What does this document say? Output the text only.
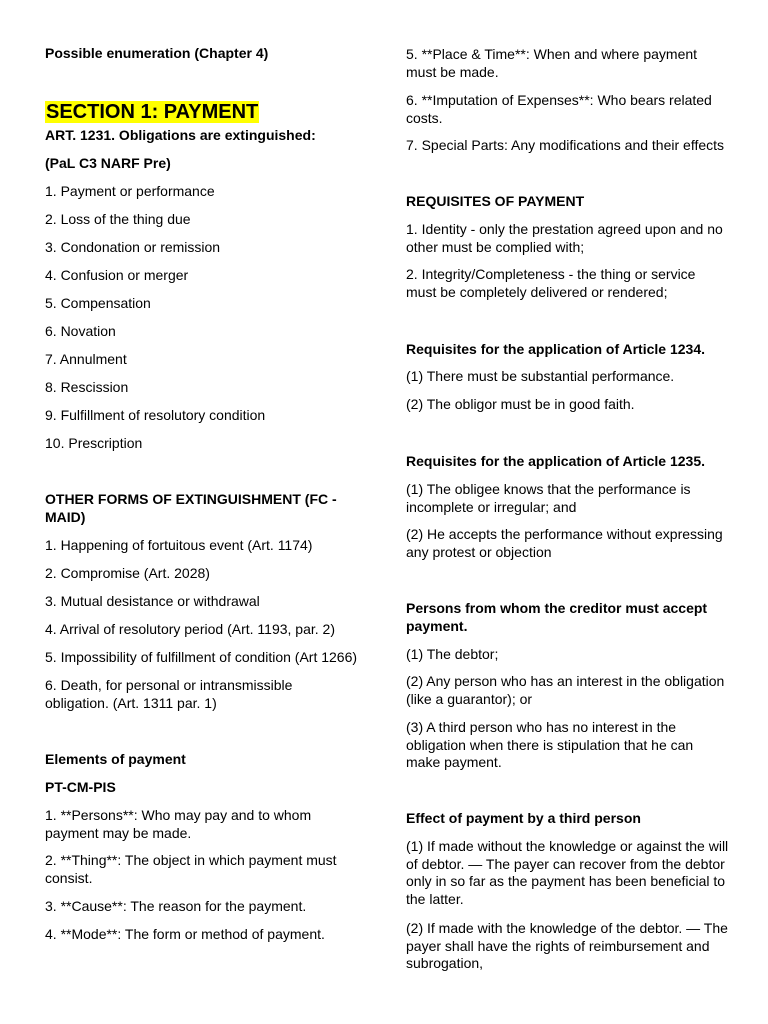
Possible enumeration (Chapter 4)

SECTION 1: PAYMENT

ART. 1231. Obligations are extinguished:

(PaL C3 NARF Pre)

1. Payment or performance

2. Loss of the thing due

3. Condonation or remission

4. Confusion or merger

5. Compensation

6. Novation

7. Annulment

8. Rescission

9. Fulfillment of resolutory condition

10. Prescription

OTHER FORMS OF EXTINGUISHMENT (FC - MAID)

1. Happening of fortuitous event (Art. 1174)

2. Compromise (Art. 2028)

3. Mutual desistance or withdrawal

4. Arrival of resolutory period (Art. 1193, par. 2)

5. Impossibility of fulfillment of condition (Art 1266)

6. Death, for personal or intransmissible obligation. (Art. 1311 par. 1)

Elements of payment

PT-CM-PIS

1. **Persons**: Who may pay and to whom payment may be made.

2. **Thing**: The object in which payment must consist.

3. **Cause**: The reason for the payment.

4. **Mode**: The form or method of payment.

5. **Place & Time**: When and where payment must be made.

6. **Imputation of Expenses**: Who bears related costs.

7. Special Parts: Any modifications and their effects

REQUISITES OF PAYMENT

1. Identity - only the prestation agreed upon and no other must be complied with;

2. Integrity/Completeness - the thing or service must be completely delivered or rendered;

Requisites for the application of Article 1234.

(1) There must be substantial performance.

(2) The obligor must be in good faith.

Requisites for the application of Article 1235.

(1) The obligee knows that the performance is incomplete or irregular; and

(2) He accepts the performance without expressing any protest or objection

Persons from whom the creditor must accept payment.

(1) The debtor;

(2) Any person who has an interest in the obligation (like a guarantor); or

(3) A third person who has no interest in the obligation when there is stipulation that he can make payment.

Effect of payment by a third person

(1) If made without the knowledge or against the will of debtor. — The payer can recover from the debtor only in so far as the payment has been beneficial to the latter.

(2) If made with the knowledge of the debtor. — The payer shall have the rights of reimbursement and subrogation,
